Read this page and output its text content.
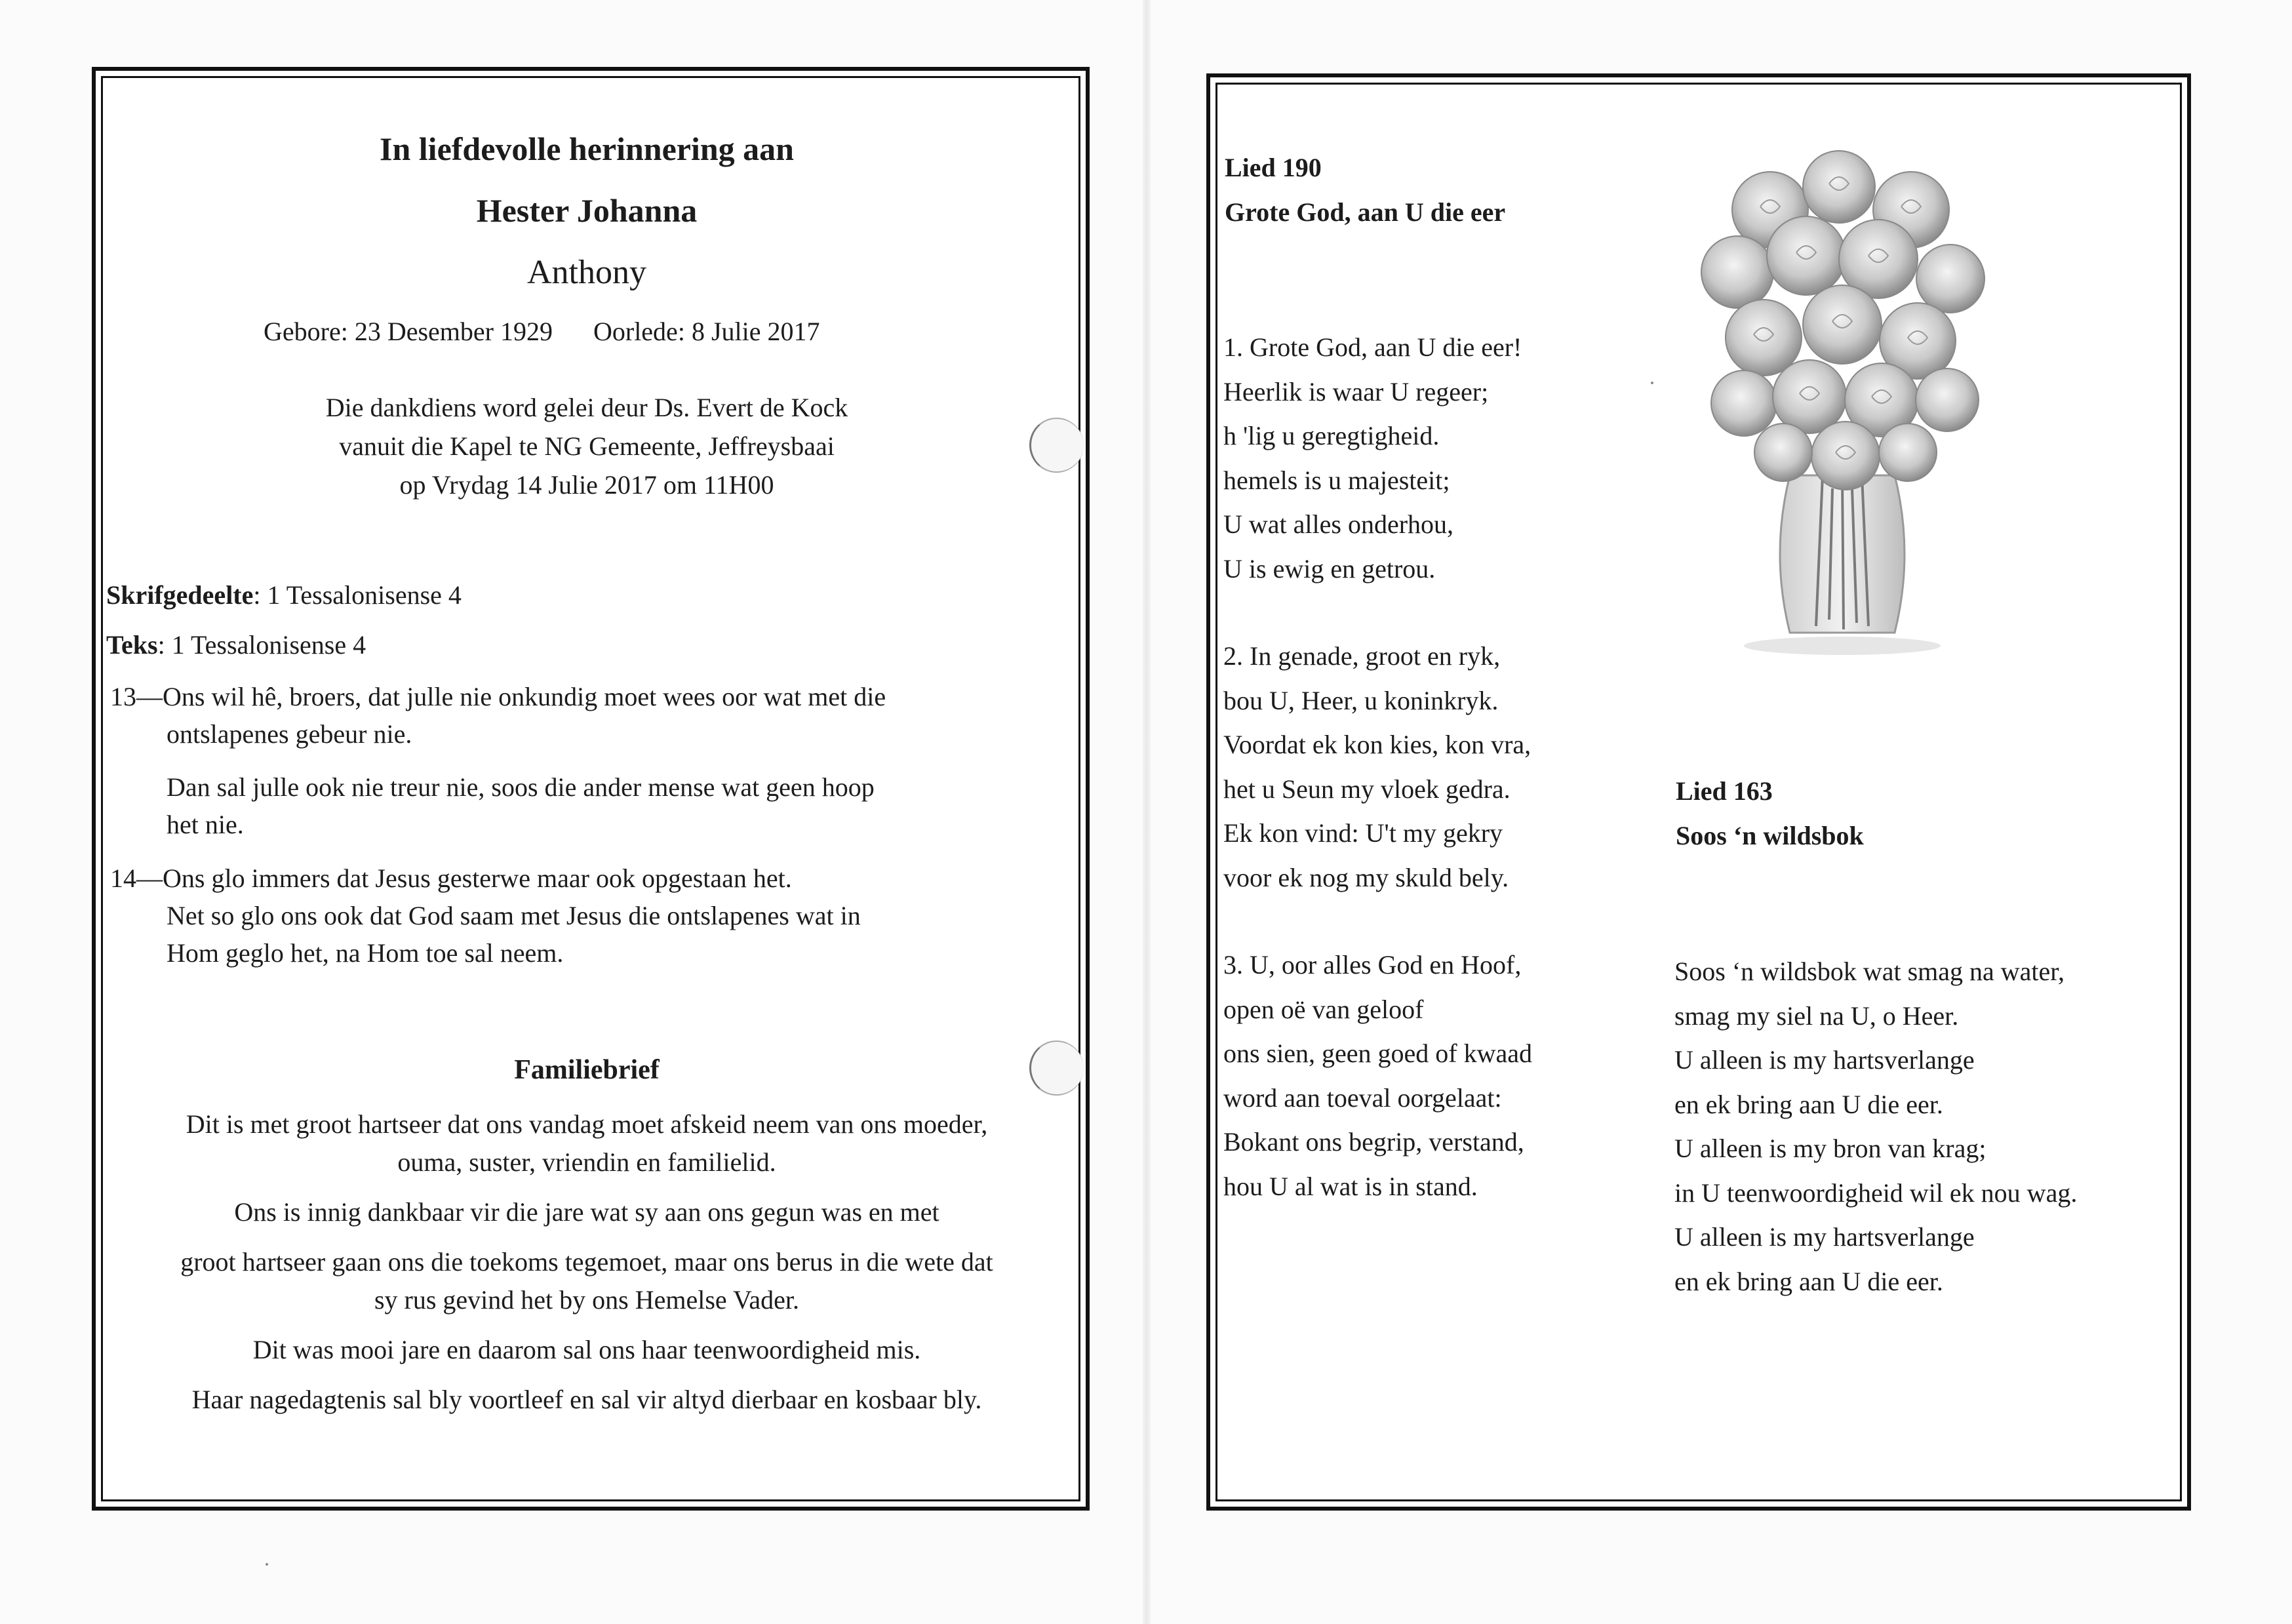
In liefdevolle herinnering aan
Hester Johanna
Anthony
Gebore: 23 Desember 1929 Oorlede: 8 Julie 2017
Die dankdiens word gelei deur Ds. Evert de Kock
vanuit die Kapel te NG Gemeente, Jeffreysbaai
op Vrydag 14 Julie 2017 om 11H00
Skrifgedeelte: 1 Tessalonisense 4
Teks: 1 Tessalonisense 4
13—Ons wil hê, broers, dat julle nie onkundig moet wees oor wat met die
ontslapenes gebeur nie.
Dan sal julle ook nie treur nie, soos die ander mense wat geen hoop
het nie.
14—Ons glo immers dat Jesus gesterwe maar ook opgestaan het.
Net so glo ons ook dat God saam met Jesus die ontslapenes wat in
Hom geglo het, na Hom toe sal neem.
Familiebrief
Dit is met groot hartseer dat ons vandag moet afskeid neem van ons moeder,
ouma, suster, vriendin en familielid.
Ons is innig dankbaar vir die jare wat sy aan ons gegun was en met
groot hartseer gaan ons die toekoms tegemoet, maar ons berus in die wete dat
sy rus gevind het by ons Hemelse Vader.
Dit was mooi jare en daarom sal ons haar teenwoordigheid mis.
Haar nagedagtenis sal bly voortleef en sal vir altyd dierbaar en kosbaar bly.
Lied 190
Grote God, aan U die eer
1. Grote God, aan U die eer!
Heerlik is waar U regeer;
h 'lig u geregtigheid.
hemels is u majesteit;
U wat alles onderhou,
U is ewig en getrou.
2. In genade, groot en ryk,
bou U, Heer, u koninkryk.
Voordat ek kon kies, kon vra,
het u Seun my vloek gedra.
Ek kon vind: U't my gekry
voor ek nog my skuld bely.
3. U, oor alles God en Hoof,
open oë van geloof
ons sien, geen goed of kwaad
word aan toeval oorgelaat:
Bokant ons begrip, verstand,
hou U al wat is in stand.
Lied 163
Soos ‘n wildsbok
Soos ‘n wildsbok wat smag na water,
smag my siel na U, o Heer.
U alleen is my hartsverlange
en ek bring aan U die eer.
U alleen is my bron van krag;
in U teenwoordigheid wil ek nou wag.
U alleen is my hartsverlange
en ek bring aan U die eer.
